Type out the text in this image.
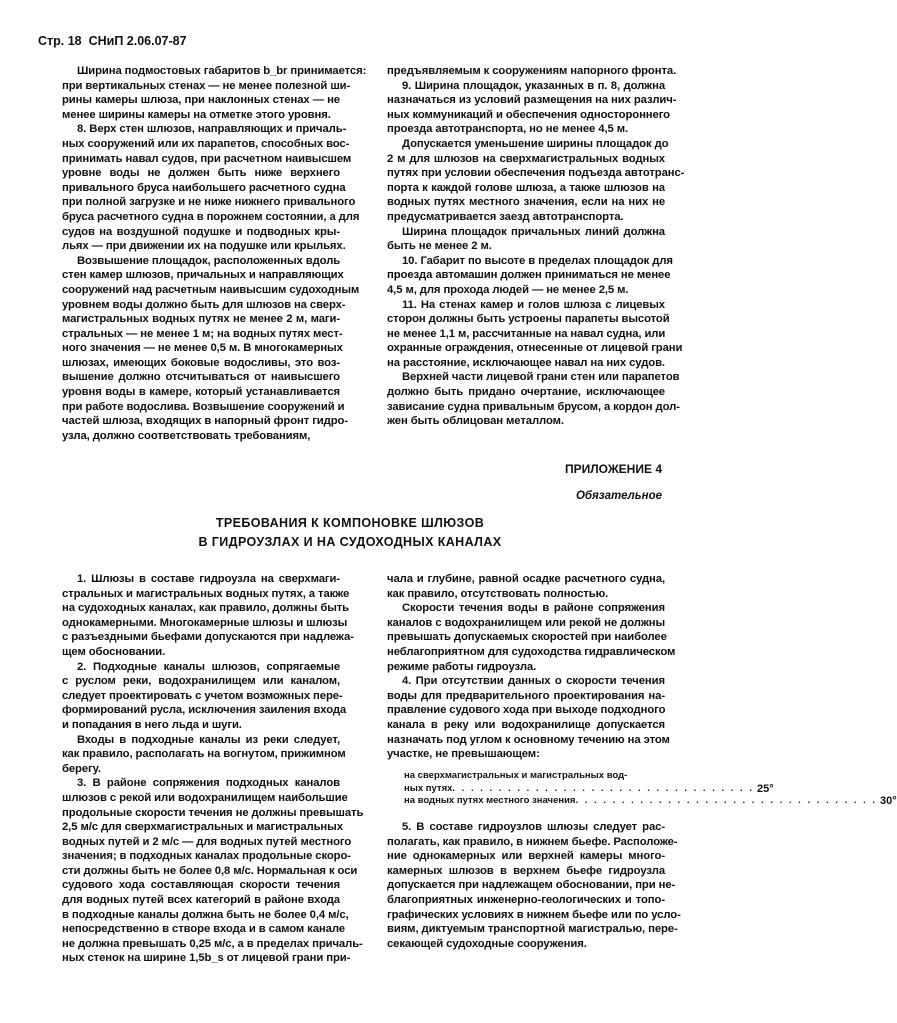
Стр. 18 СНиП 2.06.07-87
Ширина подмостовых габаритов b_br принимается:
при вертикальных стенах — не менее полезной ши-
рины камеры шлюза, при наклонных стенах — не
менее ширины камеры на отметке этого уровня.
8. Верх стен шлюзов, направляющих и причаль-
ных сооружений или их парапетов, способных вос-
принимать навал судов, при расчетном наивысшем
уровне воды не должен быть ниже верхнего
привального бруса наибольшего расчетного судна
при полной загрузке и не ниже нижнего привального
бруса расчетного судна в порожнем состоянии, а для
судов на воздушной подушке и подводных кры-
льях — при движении их на подушке или крыльях.
Возвышение площадок, расположенных вдоль
стен камер шлюзов, причальных и направляющих
сооружений над расчетным наивысшим судоходным
уровнем воды должно быть для шлюзов на сверх-
магистральных водных путях не менее 2 м, маги-
стральных — не менее 1 м; на водных путях мест-
ного значения — не менее 0,5 м. В многокамерных
шлюзах, имеющих боковые водосливы, это воз-
вышение должно отсчитываться от наивысшего
уровня воды в камере, который устанавливается
при работе водослива. Возвышение сооружений и
частей шлюза, входящих в напорный фронт гидро-
узла, должно соответствовать требованиям,
предъявляемым к сооружениям напорного фронта.
9. Ширина площадок, указанных в п. 8, должна
назначаться из условий размещения на них различ-
ных коммуникаций и обеспечения одностороннего
проезда автотранспорта, но не менее 4,5 м.
Допускается уменьшение ширины площадок до
2 м для шлюзов на сверхмагистральных водных
путях при условии обеспечения подъезда автотранс-
порта к каждой голове шлюза, а также шлюзов на
водных путях местного значения, если на них не
предусматривается заезд автотранспорта.
Ширина площадок причальных линий должна
быть не менее 2 м.
10. Габарит по высоте в пределах площадок для
проезда автомашин должен приниматься не менее
4,5 м, для прохода людей — не менее 2,5 м.
11. На стенах камер и голов шлюза с лицевых
сторон должны быть устроены парапеты высотой
не менее 1,1 м, рассчитанные на навал судна, или
охранные ограждения, отнесенные от лицевой грани
на расстояние, исключающее навал на них судов.
Верхней части лицевой грани стен или парапетов
должно быть придано очертание, исключающее
зависание судна привальным брусом, а кордон дол-
жен быть облицован металлом.
ПРИЛОЖЕНИЕ 4
Обязательное
ТРЕБОВАНИЯ К КОМПОНОВКЕ ШЛЮЗОВ
В ГИДРОУЗЛАХ И НА СУДОХОДНЫХ КАНАЛАХ
1. Шлюзы в составе гидроузла на сверхмаги-
стральных и магистральных водных путях, а также
на судоходных каналах, как правило, должны быть
однокамерными. Многокамерные шлюзы и шлюзы
с разъездными бьефами допускаются при надлежа-
щем обосновании.
2. Подходные каналы шлюзов, сопрягаемые
с руслом реки, водохранилищем или каналом,
следует проектировать с учетом возможных пере-
формирований русла, исключения заиления входа
и попадания в него льда и шуги.
Входы в подходные каналы из реки следует,
как правило, располагать на вогнутом, прижимном
берегу.
3. В районе сопряжения подходных каналов
шлюзов с рекой или водохранилищем наибольшие
продольные скорости течения не должны превышать
2,5 м/с для сверхмагистральных и магистральных
водных путей и 2 м/с — для водных путей местного
значения; в подходных каналах продольные скоро-
сти должны быть не более 0,8 м/с. Нормальная к оси
судового хода составляющая скорости течения
для водных путей всех категорий в районе входа
в подходные каналы должна быть не более 0,4 м/с,
непосредственно в створе входа и в самом канале
не должна превышать 0,25 м/с, а в пределах причаль-
ных стенок на ширине 1,5b_s от лицевой грани при-
чала и глубине, равной осадке расчетного судна,
как правило, отсутствовать полностью.
Скорости течения воды в районе сопряжения
каналов с водохранилищем или рекой не должны
превышать допускаемых скоростей при наиболее
неблагоприятном для судоходства гидравлическом
режиме работы гидроузла.
4. При отсутствии данных о скорости течения
воды для предварительного проектирования на-
правление судового хода при выходе подходного
канала в реку или водохранилище допускается
назначать под углом к основному течению на этом
участке, не превышающем:
на сверхмагистральных и магистральных вод-
ных путях . . . . . . . . . . . . . . . . . . . . . . . . . . . . . . . . . 25°
на водных путях местного значения . . . . . . . . . . . . . . . . . . . . . . . . . . . . . . . . . 30°
5. В составе гидроузлов шлюзы следует рас-
полагать, как правило, в нижнем бьефе. Расположе-
ние однокамерных или верхней камеры много-
камерных шлюзов в верхнем бьефе гидроузла
допускается при надлежащем обосновании, при не-
благоприятных инженерно-геологических и топо-
графических условиях в нижнем бьефе или по усло-
виям, диктуемым транспортной магистралью, пере-
секающей судоходные сооружения.
